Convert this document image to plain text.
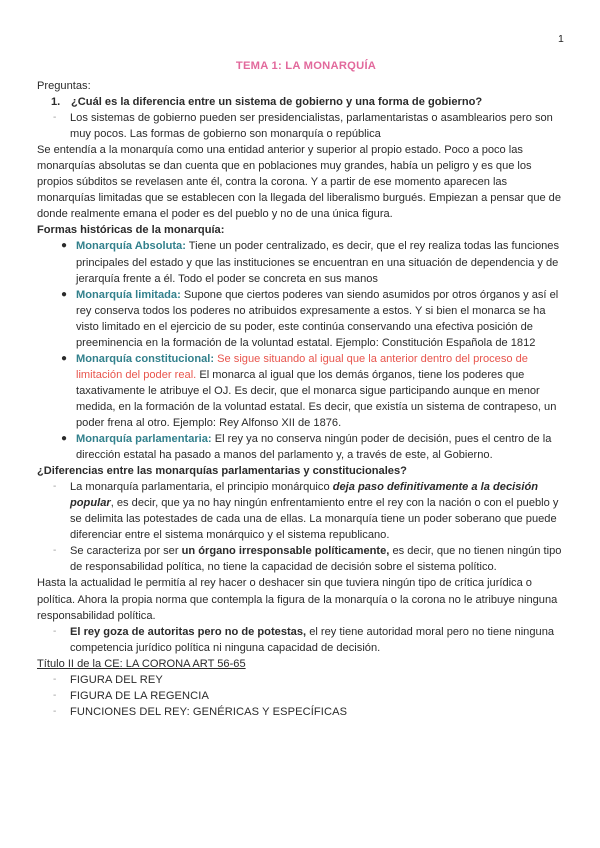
1
TEMA 1: LA MONARQUÍA
Preguntas:
1. ¿Cuál es la diferencia entre un sistema de gobierno y una forma de gobierno?
- Los sistemas de gobierno pueden ser presidencialistas, parlamentaristas o asamblearios pero son muy pocos. Las formas de gobierno son monarquía o república

Se entendía a la monarquía como una entidad anterior y superior al propio estado. Poco a poco las monarquías absolutas se dan cuenta que en poblaciones muy grandes, había un peligro y es que los propios súbditos se revelasen ante él, contra la corona. Y a partir de ese momento aparecen las monarquías limitadas que se establecen con la llegada del liberalismo burgués. Empiezan a pensar que de donde realmente emana el poder es del pueblo y no de una única figura.

Formas históricas de la monarquía:
● Monarquía Absoluta: Tiene un poder centralizado, es decir, que el rey realiza todas las funciones principales del estado y que las instituciones se encuentran en una situación de dependencia y de jerarquía frente a él. Todo el poder se concreta en sus manos
● Monarquía limitada: Supone que ciertos poderes van siendo asumidos por otros órganos y así el rey conserva todos los poderes no atribuidos expresamente a estos. Y si bien el monarca se ha visto limitado en el ejercicio de su poder, este continúa conservando una efectiva posición de preeminencia en la formación de la voluntad estatal. Ejemplo: Constitución Española de 1812
● Monarquía constitucional: Se sigue situando al igual que la anterior dentro del proceso de limitación del poder real. El monarca al igual que los demás órganos, tiene los poderes que taxativamente le atribuye el OJ. Es decir, que el monarca sigue participando aunque en menor medida, en la formación de la voluntad estatal. Es decir, que existía un sistema de contrapeso, un poder frena al otro. Ejemplo: Rey Alfonso XII de 1876.
● Monarquía parlamentaria: El rey ya no conserva ningún poder de decisión, pues el centro de la dirección estatal ha pasado a manos del parlamento y, a través de este, al Gobierno.
¿Diferencias entre las monarquías parlamentarias y constitucionales?
- La monarquía parlamentaria, el principio monárquico deja paso definitivamente a la decisión popular, es decir, que ya no hay ningún enfrentamiento entre el rey con la nación o con el pueblo y se delimita las potestades de cada una de ellas. La monarquía tiene un poder soberano que puede diferenciar entre el sistema monárquico y el sistema republicano.
- Se caracteriza por ser un órgano irresponsable políticamente, es decir, que no tienen ningún tipo de responsabilidad política, no tiene la capacidad de decisión sobre el sistema político.

Hasta la actualidad le permitía al rey hacer o deshacer sin que tuviera ningún tipo de crítica jurídica o política. Ahora la propia norma que contempla la figura de la monarquía o la corona no le atribuye ninguna responsabilidad política.

- El rey goza de autoritas pero no de potestas, el rey tiene autoridad moral pero no tiene ninguna competencia jurídico política ni ninguna capacidad de decisión.
Título II de la CE: LA CORONA ART 56-65
- FIGURA DEL REY
- FIGURA DE LA REGENCIA
- FUNCIONES DEL REY: GENÉRICAS Y ESPECÍFICAS
